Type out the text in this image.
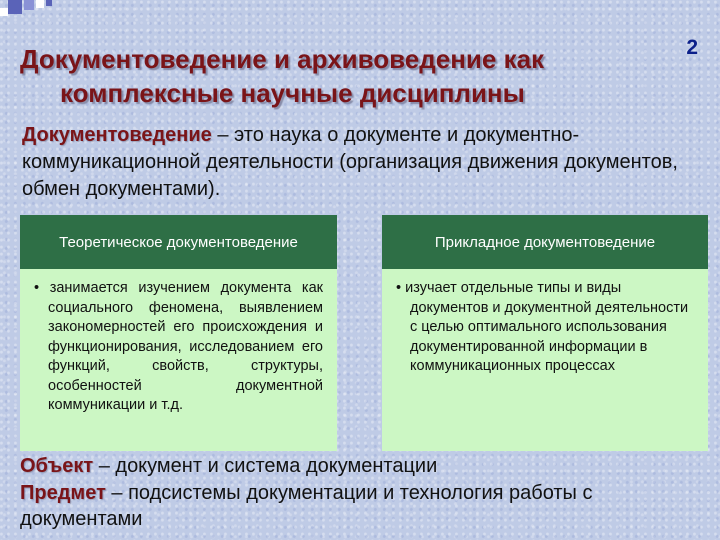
2
Документоведение и архивоведение как
комплексные научные дисциплины
Документоведение – это наука о документе и документно-коммуникационной деятельности (организация движения документов, обмен документами).
Теоретическое документоведение

• занимается изучением документа как социального феномена, выявлением закономерностей его происхождения и функционирования, исследованием его функций, свойств, структуры, особенностей документной коммуникации и т.д.

Прикладное документоведение

• изучает отдельные типы и виды документов и документной деятельности с целью оптимального использования документированной информации в коммуникационных процессах

Объект – документ и система документации
Предмет – подсистемы документации и технология работы с документами
